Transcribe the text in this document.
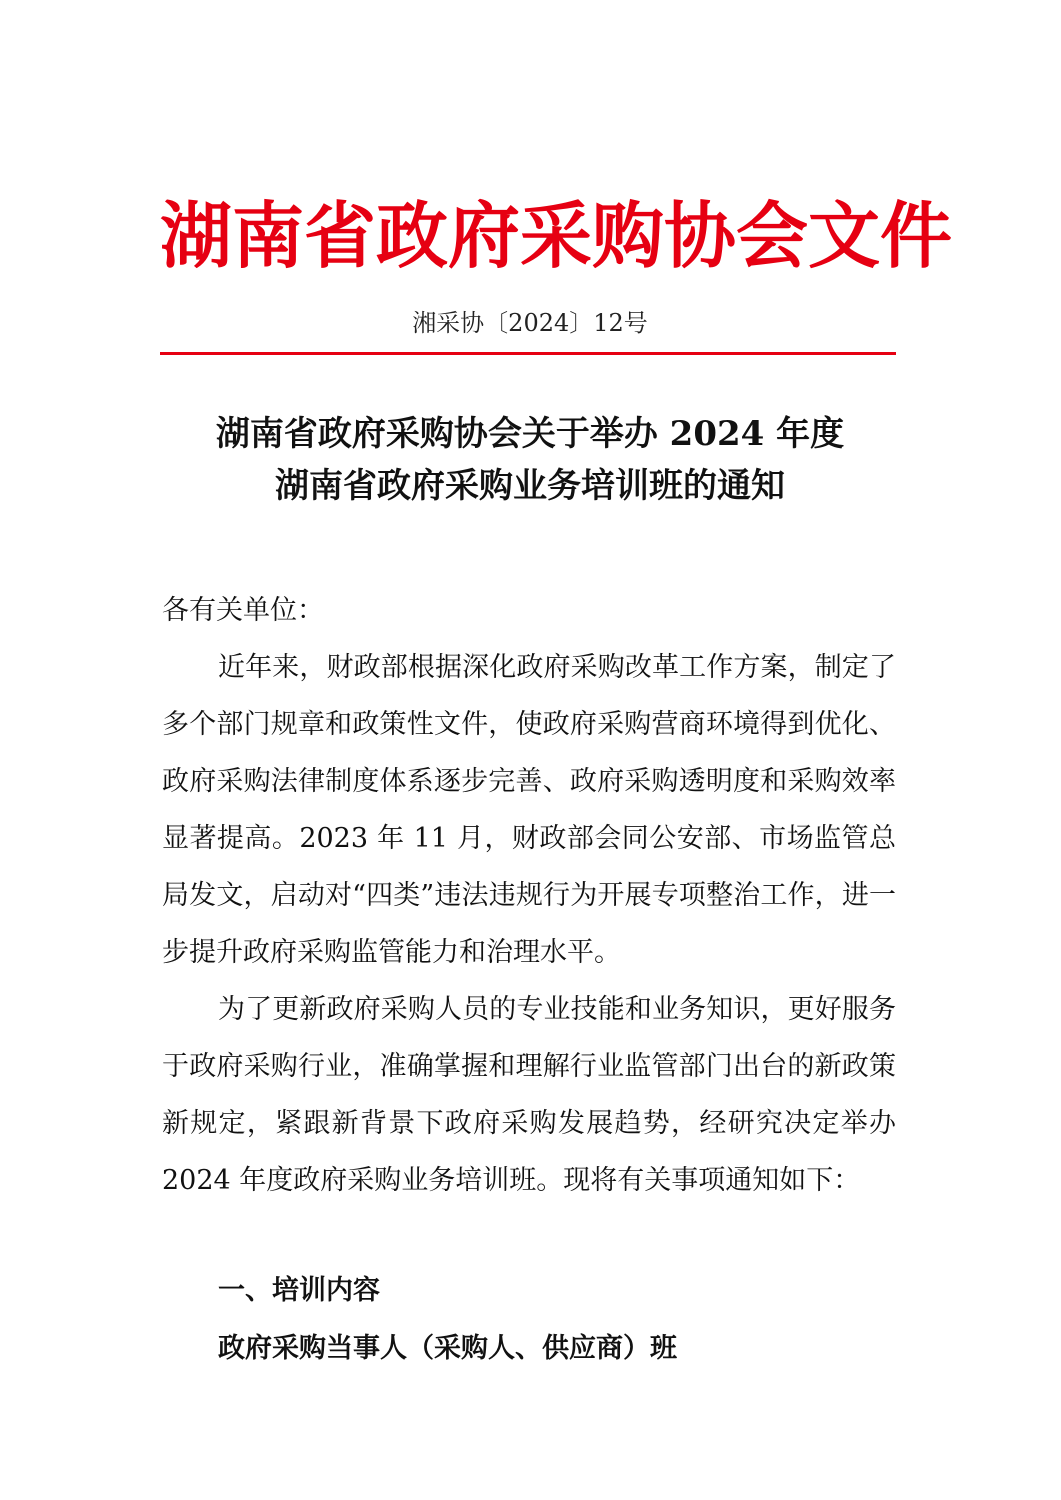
湖南省政府采购协会文件
湘采协〔2024〕12号
湖南省政府采购协会关于举办 2024 年度
湖南省政府采购业务培训班的通知

各有关单位：

近年来，财政部根据深化政府采购改革工作方案，制定了多个部门规章和政策性文件，使政府采购营商环境得到优化、政府采购法律制度体系逐步完善、政府采购透明度和采购效率显著提高。2023 年 11 月，财政部会同公安部、市场监管总局发文，启动对“四类”违法违规行为开展专项整治工作，进一步提升政府采购监管能力和治理水平。

为了更新政府采购人员的专业技能和业务知识，更好服务于政府采购行业，准确掌握和理解行业监管部门出台的新政策新规定，紧跟新背景下政府采购发展趋势，经研究决定举办 2024 年度政府采购业务培训班。现将有关事项通知如下：

一、培训内容
政府采购当事人（采购人、供应商）班
